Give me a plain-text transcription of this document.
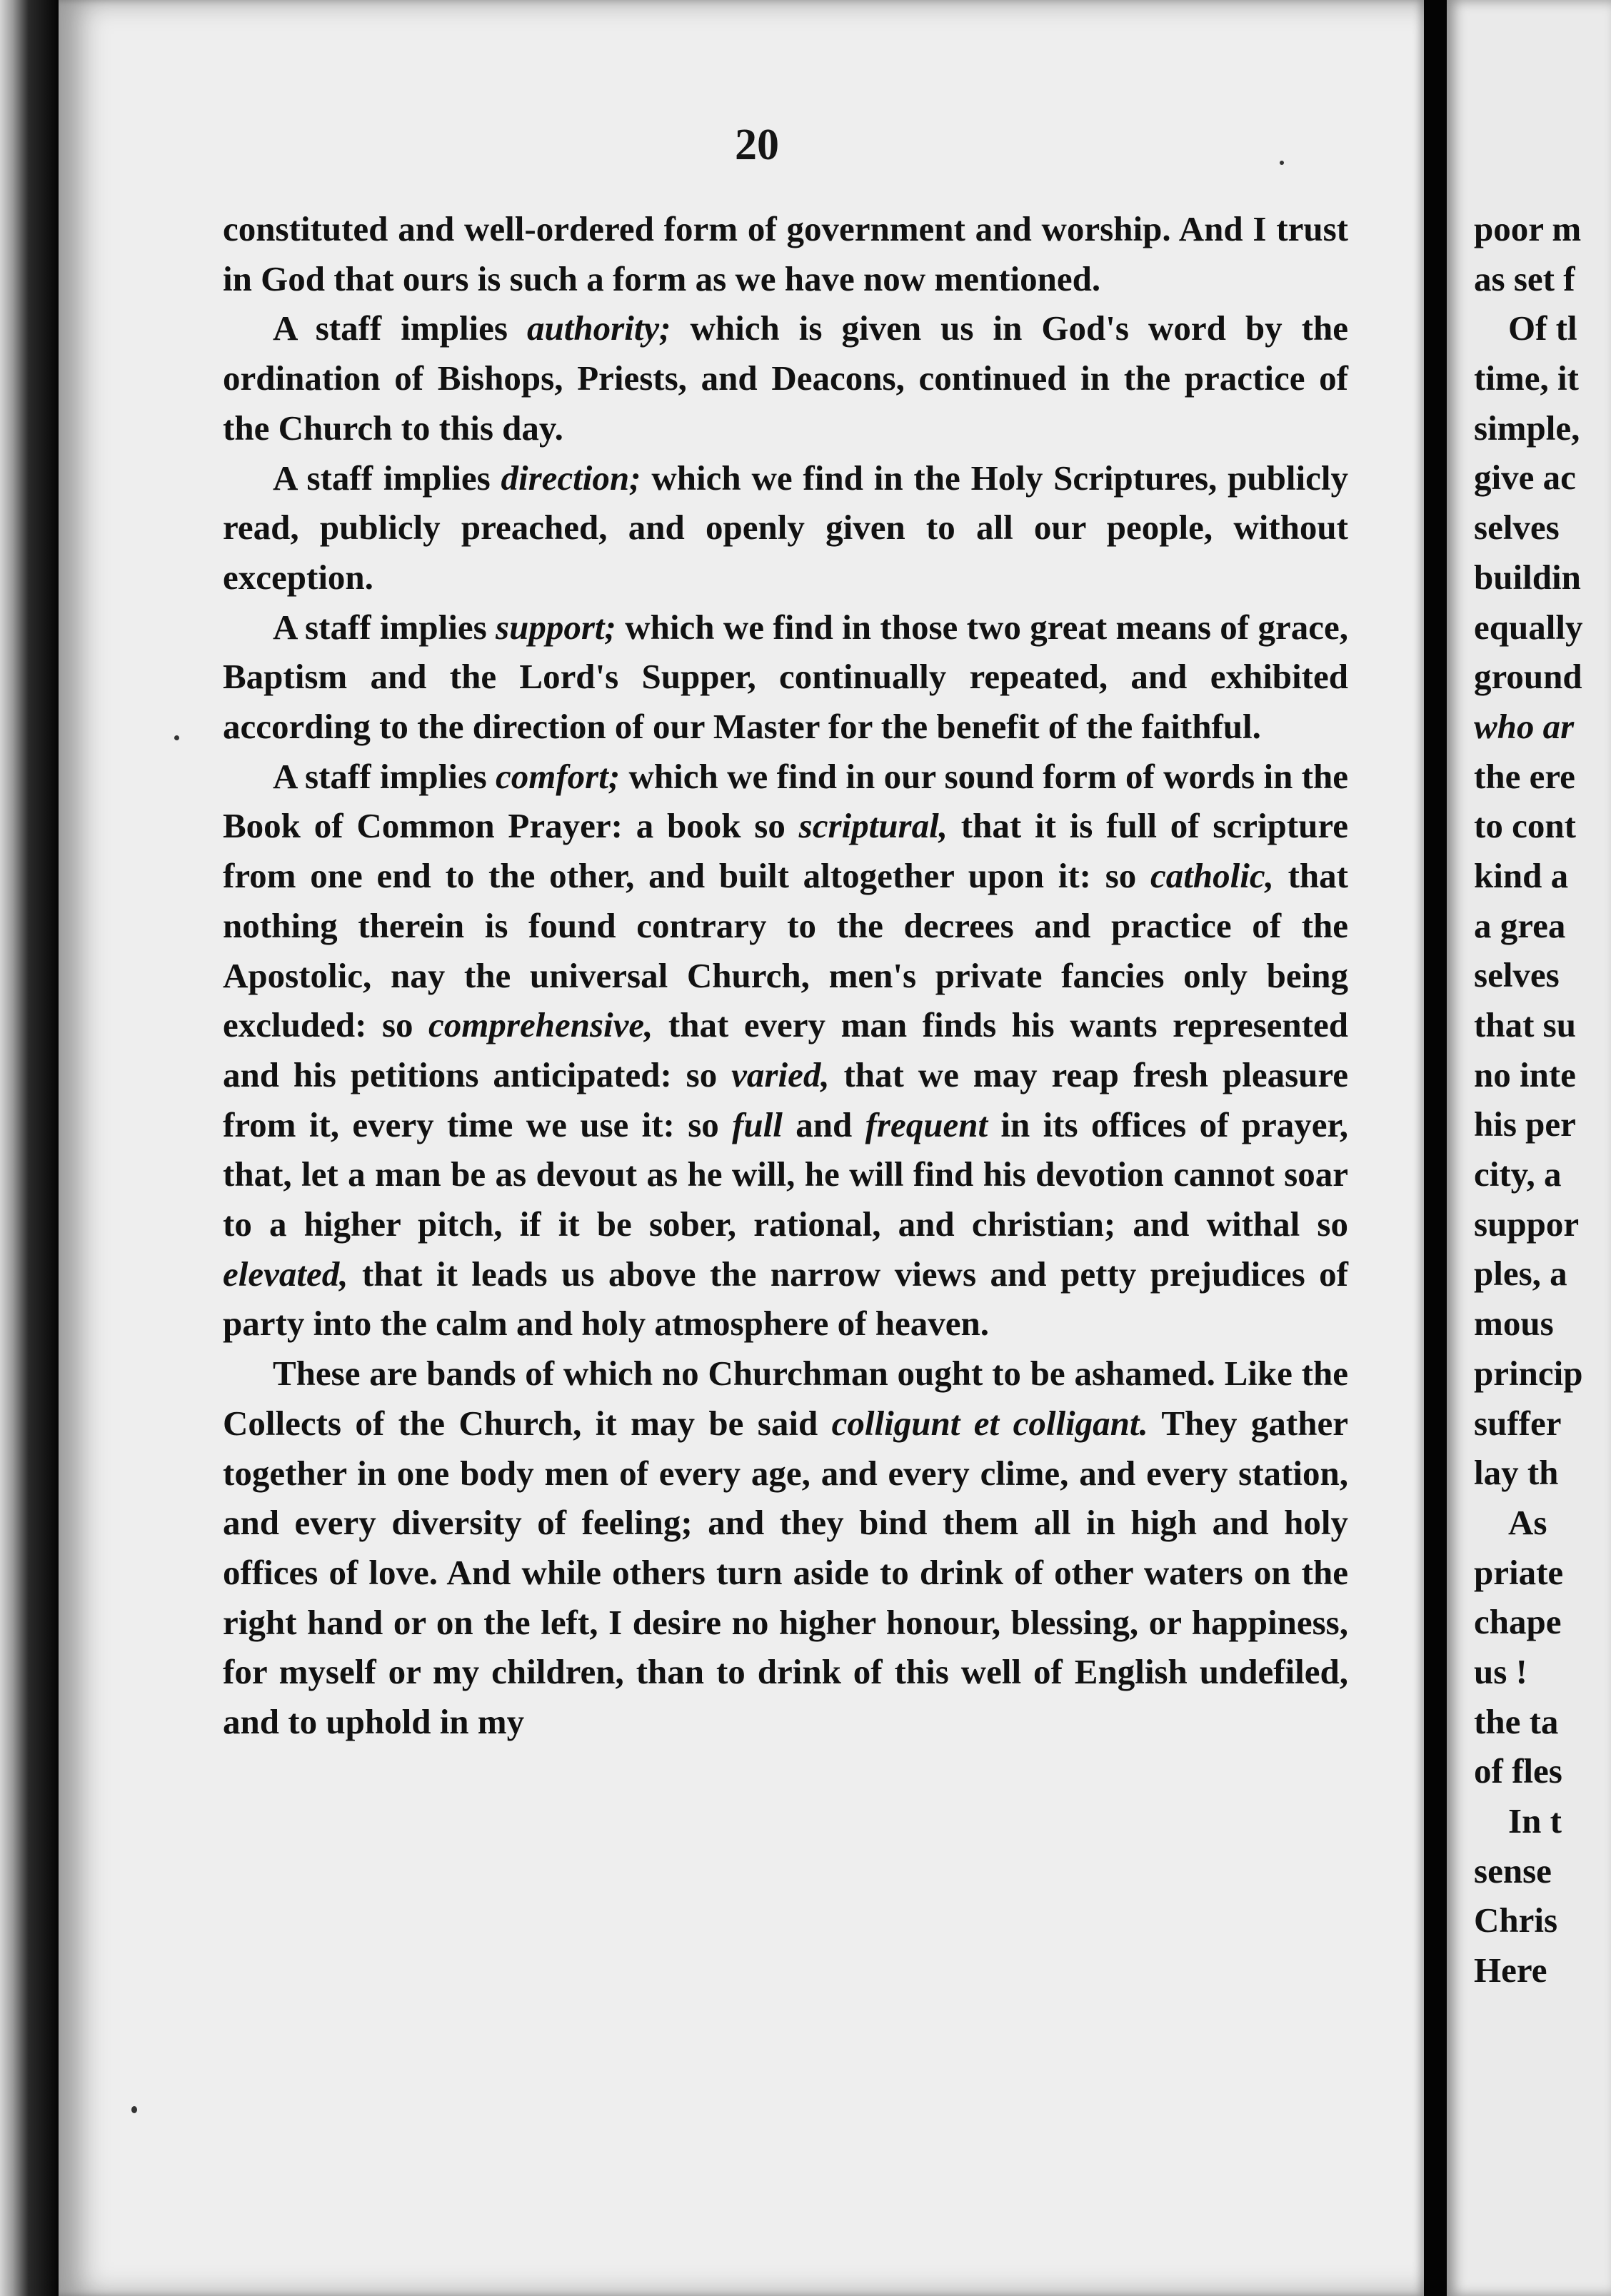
20

constituted and well-ordered form of government and worship. And I trust in God that ours is such a form as we have now mentioned.

A staff implies authority; which is given us in God's word by the ordination of Bishops, Priests, and Deacons, continued in the practice of the Church to this day.

A staff implies direction; which we find in the Holy Scriptures, publicly read, publicly preached, and openly given to all our people, without exception.

A staff implies support; which we find in those two great means of grace, Baptism and the Lord's Supper, continually repeated, and exhibited according to the direction of our Master for the benefit of the faithful.

A staff implies comfort; which we find in our sound form of words in the Book of Common Prayer: a book so scriptural, that it is full of scripture from one end to the other, and built altogether upon it: so catholic, that nothing therein is found contrary to the decrees and practice of the Apostolic, nay the universal Church, men's private fancies only being excluded: so comprehensive, that every man finds his wants represented and his petitions anticipated: so varied, that we may reap fresh pleasure from it, every time we use it: so full and frequent in its offices of prayer, that, let a man be as devout as he will, he will find his devotion cannot soar to a higher pitch, if it be sober, rational, and christian; and withal so elevated, that it leads us above the narrow views and petty prejudices of party into the calm and holy atmosphere of heaven.

These are bands of which no Churchman ought to be ashamed. Like the Collects of the Church, it may be said colligunt et colligant. They gather together in one body men of every age, and every clime, and every station, and every diversity of feeling; and they bind them all in high and holy offices of love. And while others turn aside to drink of other waters on the right hand or on the left, I desire no higher honour, blessing, or happiness, for myself or my children, than to drink of this well of English undefiled, and to uphold in my

poor m
as set f
Of tl
time, it
simple,
give ac
selves
buildin
equally
ground
who ar
the ere
to cont
kind a
a grea
selves
that su
no inte
his per
city, a
suppor
ples, a
mous
princip
suffer
lay th
As
priate
chape
us !
the ta
of fles
In t
sense
Chris
Here
